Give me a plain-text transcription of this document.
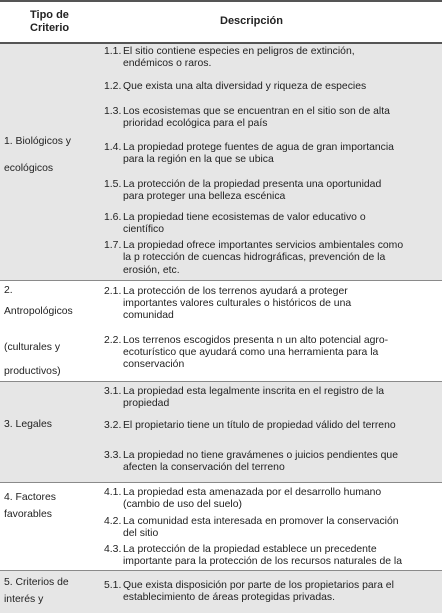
Tipo de
Criterio
Descripción
1. Biológicos y
ecológicos
1.1. El sitio contiene especies en peligros de extinción,
endémicos o raros.
1.2. Que exista una alta diversidad y riqueza de especies
1.3. Los ecosistemas que se encuentran en el sitio son de alta
prioridad ecológica para el país
1.4. La propiedad protege fuentes de agua de gran importancia
para la región en la que se ubica
1.5. La protección de la propiedad presenta una oportunidad
para proteger una belleza escénica
1.6. La propiedad tiene ecosistemas de valor educativo o
científico
1.7. La propiedad ofrece importantes servicios ambientales como
la p rotección de cuencas hidrográficas, prevención de la
erosión, etc.
2.
Antropológicos
(culturales y
productivos)
2.1. La protección de los terrenos ayudará a proteger
importantes valores culturales o históricos de una
comunidad
2.2. Los terrenos escogidos presenta n un alto potencial agro-
ecoturístico que ayudará como una herramienta para la
conservación
3. Legales
3.1. La propiedad esta legalmente inscrita en el registro de la
propiedad
3.2. El propietario tiene un título de propiedad válido del terreno
3.3. La propiedad no tiene gravámenes o juicios pendientes que
afecten la conservación del terreno
4. Factores
favorables
4.1. La propiedad esta amenazada por el desarrollo humano
(cambio de uso del suelo)
4.2. La comunidad esta interesada en promover la conservación
del sitio
4.3. La protección de la propiedad establece un precedente
importante para la protección de los recursos naturales de la
5. Criterios de
interés y
5.1. Que exista disposición por parte de los propietarios para el
establecimiento de áreas protegidas privadas.
